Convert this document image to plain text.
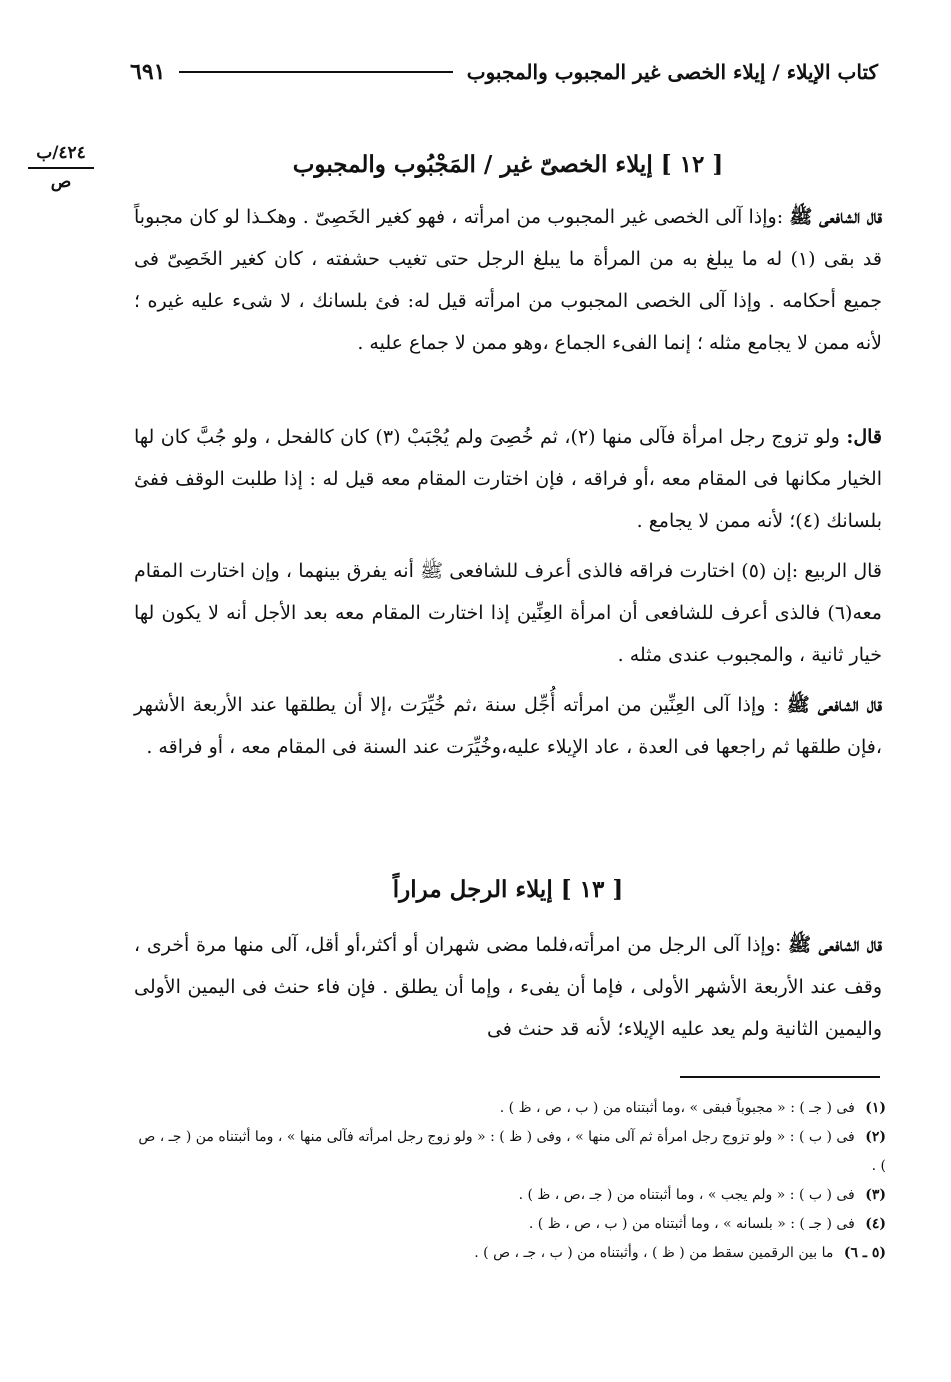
كتاب الإيلاء / إيلاء الخصى غير المجبوب والمجبوب
٦٩١
٤٢٤/ب
ص
[ ١٢ ] إيلاء الخصىّ غير / المَجْبُوب والمجبوب
قال الشافعى ﷺ :وإذا آلى الخصى غير المجبوب من امرأته ، فهو كغير الخَصِىّ . وهكـذا لو كان مجبوباً قد بقى (١) له ما يبلغ به من المرأة ما يبلغ الرجل حتى تغيب حشفته ، كان كغير الخَصِىّ فى جميع أحكامه . وإذا آلى الخصى المجبوب من امرأته قيل له: فئ بلسانك ، لا شىء عليه غيره ؛ لأنه ممن لا يجامع مثله ؛ إنما الفىء الجماع ،وهو ممن لا جماع عليه .
قال: ولو تزوج رجل امرأة فآلى منها (٢)، ثم خُصِىَ ولم يُجْبَبْ (٣) كان كالفحل ، ولو جُبَّ كان لها الخيار مكانها فى المقام معه ،أو فراقه ، فإن اختارت المقام معه قيل له : إذا طلبت الوقف ففئ بلسانك (٤)؛ لأنه ممن لا يجامع .
قال الربيع :إن (٥) اختارت فراقه فالذى أعرف للشافعى ﷺ أنه يفرق بينهما ، وإن اختارت المقام معه(٦) فالذى أعرف للشافعى أن امرأة العِنِّين إذا اختارت المقام معه بعد الأجل أنه لا يكون لها خيار ثانية ، والمجبوب عندى مثله .
قال الشافعى ﷺ : وإذا آلى العِنِّين من امرأته أُجِّل سنة ،ثم خُيِّرَت ،إلا أن يطلقها عند الأربعة الأشهر ،فإن طلقها ثم راجعها فى العدة ، عاد الإيلاء عليه،وخُيِّرَت عند السنة فى المقام معه ، أو فراقه .
[ ١٣ ] إيلاء الرجل مراراً
قال الشافعى ﷺ :وإذا آلى الرجل من امرأته،فلما مضى شهران أو أكثر،أو أقل، آلى منها مرة أخرى ، وقف عند الأربعة الأشهر الأولى ، فإما أن يفىء ، وإما أن يطلق . فإن فاء حنث فى اليمين الأولى واليمين الثانية ولم يعد عليه الإيلاء؛ لأنه قد حنث فى

(١) فى ( جـ ) : « مجبوباً فبقى » ،وما أثبتناه من ( ب ، ص ، ظ ) .

(٢) فى ( ب ) : « ولو تزوج رجل امرأة ثم آلى منها » ، وفى ( ظ ) : « ولو زوج رجل امرأته فآلى منها » ، وما أثبتناه من ( جـ ، ص ) .

(٣) فى ( ب ) : « ولم يجب » ، وما أثبتناه من ( جـ ،ص ، ظ ) .

(٤) فى ( جـ ) : « بلسانه » ، وما أثبتناه من ( ب ، ص ، ظ ) .

(٥ ـ ٦) ما بين الرقمين سقط من ( ظ ) ، وأثبتناه من ( ب ، جـ ، ص ) .
